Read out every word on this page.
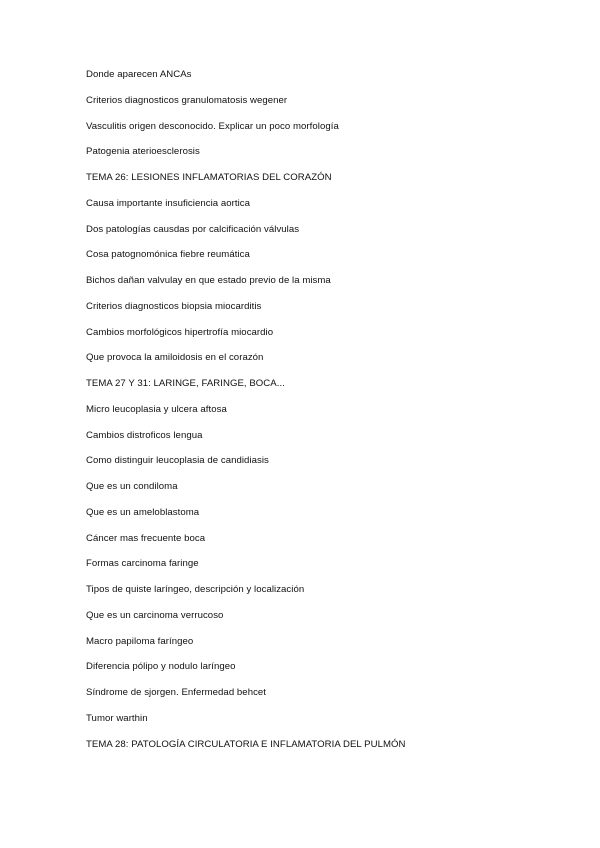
Donde aparecen ANCAs
Criterios diagnosticos granulomatosis wegener
Vasculitis origen desconocido. Explicar un poco morfología
Patogenia aterioesclerosis
TEMA 26: LESIONES INFLAMATORIAS DEL CORAZÓN
Causa importante insuficiencia aortica
Dos patologías causdas por calcificación válvulas
Cosa patognomónica fiebre reumática
Bichos dañan valvulay en que estado previo de la misma
Criterios diagnosticos biopsia miocarditis
Cambios morfológicos hipertrofía miocardio
Que provoca la amiloidosis en el corazón
TEMA 27 Y 31: LARINGE, FARINGE, BOCA...
Micro leucoplasia y ulcera aftosa
Cambios distroficos lengua
Como distinguir leucoplasia de candidiasis
Que es un condiloma
Que es un ameloblastoma
Cáncer mas frecuente boca
Formas carcinoma faringe
Tipos de quiste laríngeo, descripción y localización
Que es un carcinoma verrucoso
Macro papiloma faríngeo
Diferencia pólipo y nodulo laríngeo
Síndrome de sjorgen. Enfermedad behcet
Tumor warthin
TEMA 28: PATOLOGÍA CIRCULATORIA E INFLAMATORIA DEL PULMÓN
